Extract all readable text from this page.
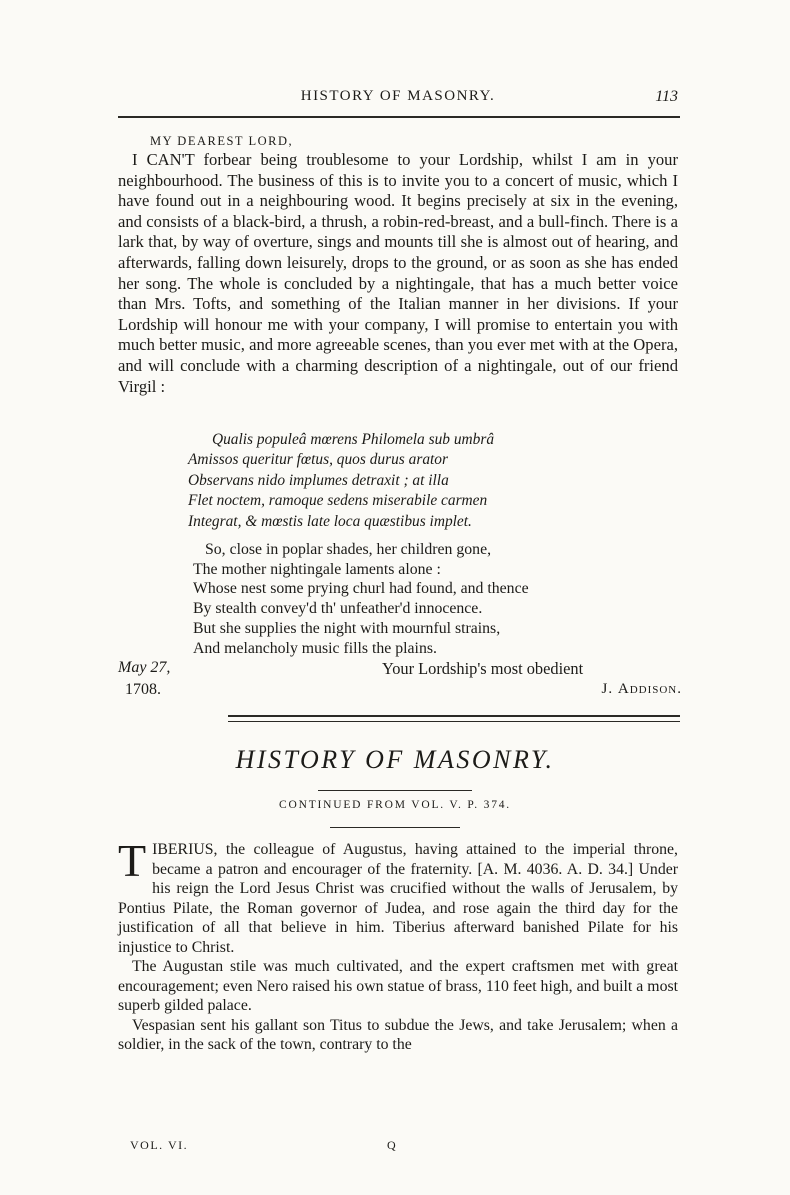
HISTORY OF MASONRY.	113
MY DEAREST LORD,

I CAN'T forbear being troublesome to your Lordship, whilst I am in your neighbourhood. The business of this is to invite you to a concert of music, which I have found out in a neighbouring wood. It begins precisely at six in the evening, and consists of a black-bird, a thrush, a robin-red-breast, and a bull-finch. There is a lark that, by way of overture, sings and mounts till she is almost out of hearing, and afterwards, falling down leisurely, drops to the ground, or as soon as she has ended her song. The whole is concluded by a nightingale, that has a much better voice than Mrs. Tofts, and something of the Italian manner in her divisions. If your Lordship will honour me with your company, I will promise to entertain you with much better music, and more agreeable scenes, than you ever met with at the Opera, and will conclude with a charming description of a nightingale, out of our friend Virgil :

Qualis populeâ mœrens Philomela sub umbrâ
Amissos queritur fœtus, quos durus arator
Observans nido implumes detraxit ; at illa
Flet noctem, ramoque sedens miserabile carmen
Integrat, & mœstis late loca quæstibus implet.
So, close in poplar shades, her children gone,
The mother nightingale laments alone :
Whose nest some prying churl had found, and thence
By stealth convey'd th' unfeather'd innocence.
But she supplies the night with mournful strains,
And melancholy music fills the plains.
May 27,
1708.
Your Lordship's most obedient
J. Addison.
HISTORY OF MASONRY.
CONTINUED FROM VOL. V. P. 374.

TIBERIUS, the colleague of Augustus, having attained to the imperial throne, became a patron and encourager of the fraternity. [A. M. 4036. A. D. 34.] Under his reign the Lord Jesus Christ was crucified without the walls of Jerusalem, by Pontius Pilate, the Roman governor of Judea, and rose again the third day for the justification of all that believe in him. Tiberius afterward banished Pilate for his injustice to Christ.

The Augustan stile was much cultivated, and the expert craftsmen met with great encouragement; even Nero raised his own statue of brass, 110 feet high, and built a most superb gilded palace.

Vespasian sent his gallant son Titus to subdue the Jews, and take Jerusalem; when a soldier, in the sack of the town, contrary to the

VOL. VI.	Q
